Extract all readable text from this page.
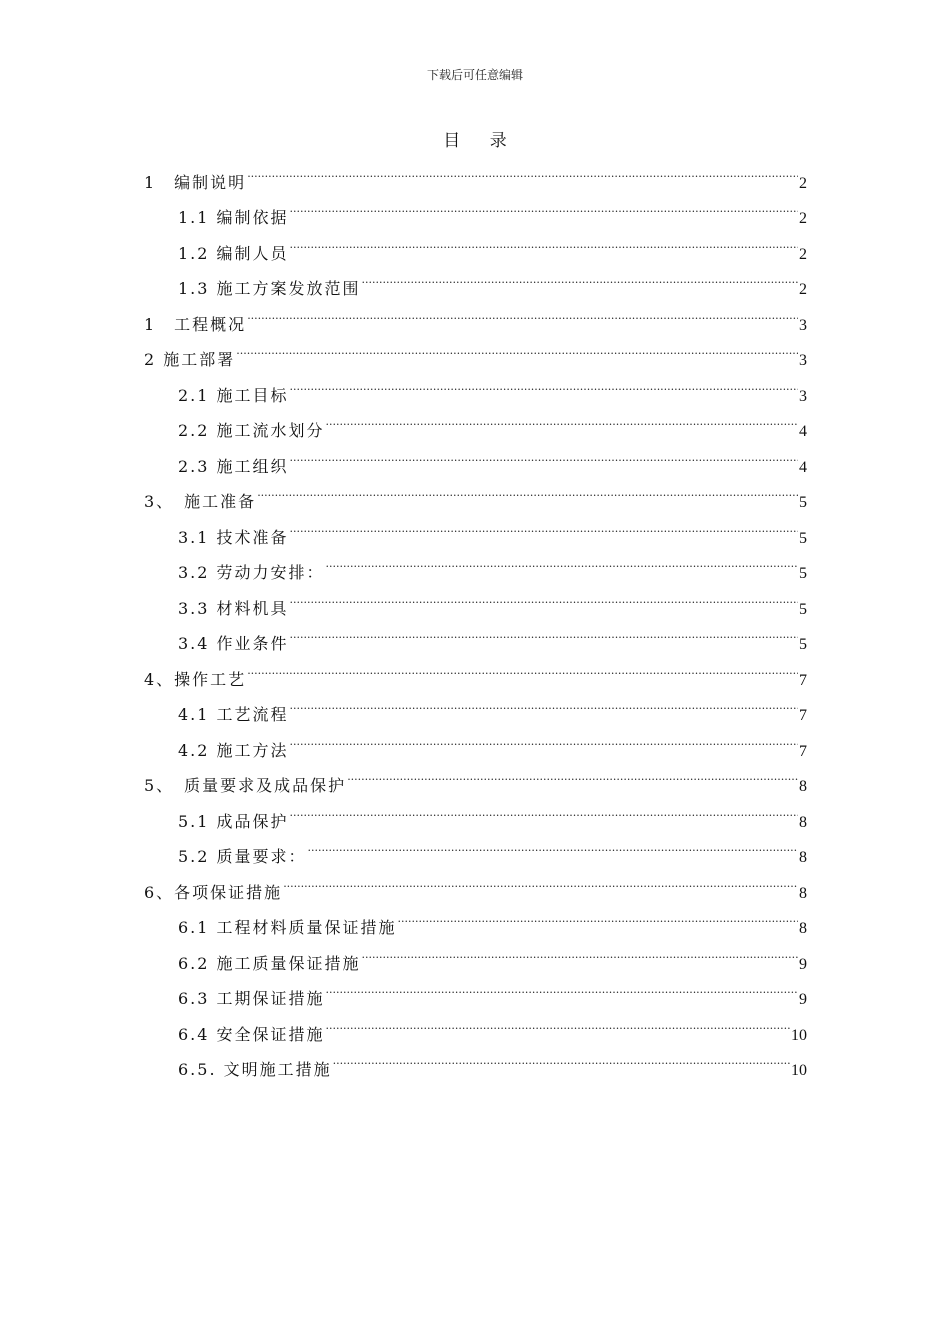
下载后可任意编辑
目 录
1　编制说明 .....	2
1.1 编制依据 .....	2
1.2 编制人员 .....	2
1.3 施工方案发放范围 .....	2
1　工程概况 .....	3
2 施工部署 .....	3
2.1 施工目标 .....	3
2.2 施工流水划分 .....	4
2.3 施工组织 .....	4
3、　施工准备 .....	5
3.1 技术准备 .....	5
3.2 劳动力安排： .....	5
3.3 材料机具 .....	5
3.4 作业条件 .....	5
4、操作工艺 .....	7
4.1 工艺流程 .....	7
4.2 施工方法 .....	7
5、　质量要求及成品保护 .....	8
5.1 成品保护 .....	8
5.2 质量要求： .....	8
6、各项保证措施 .....	8
6.1 工程材料质量保证措施 .....	8
6.2 施工质量保证措施 .....	9
6.3 工期保证措施 .....	9
6.4 安全保证措施 .....	10
6.5. 文明施工措施 .....	10
